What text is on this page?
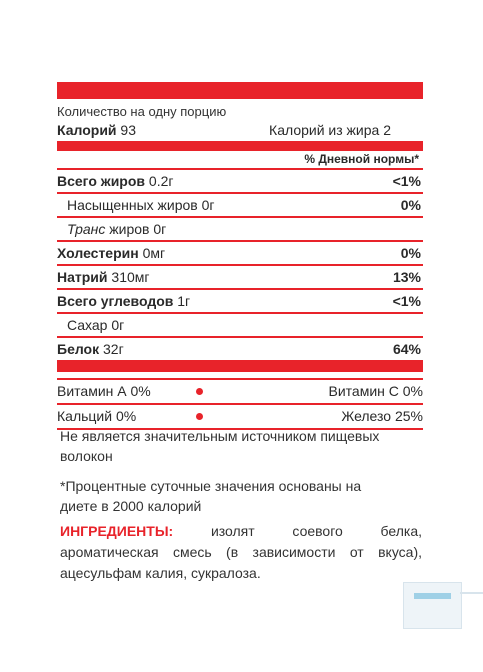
Количество на одну порцию
Калорий 93	Калорий из жира 2
% Дневной нормы*
Всего жиров 0.2г	<1%
Насыщенных жиров 0г	0%
Транс жиров 0г
Холестерин 0мг	0%
Натрий 310мг	13%
Всего углеводов 1г	<1%
Сахар 0г
Белок 32г	64%
Витамин А 0%	Витамин С 0%
Кальций 0%	Железо 25%
Не является значительным источником пищевых волокон
*Процентные суточные значения основаны на диете в 2000 калорий
ИНГРЕДИЕНТЫ:	изолят соевого белка, ароматическая смесь (в зависимости от вкуса), ацесульфам калия, сукралоза.
